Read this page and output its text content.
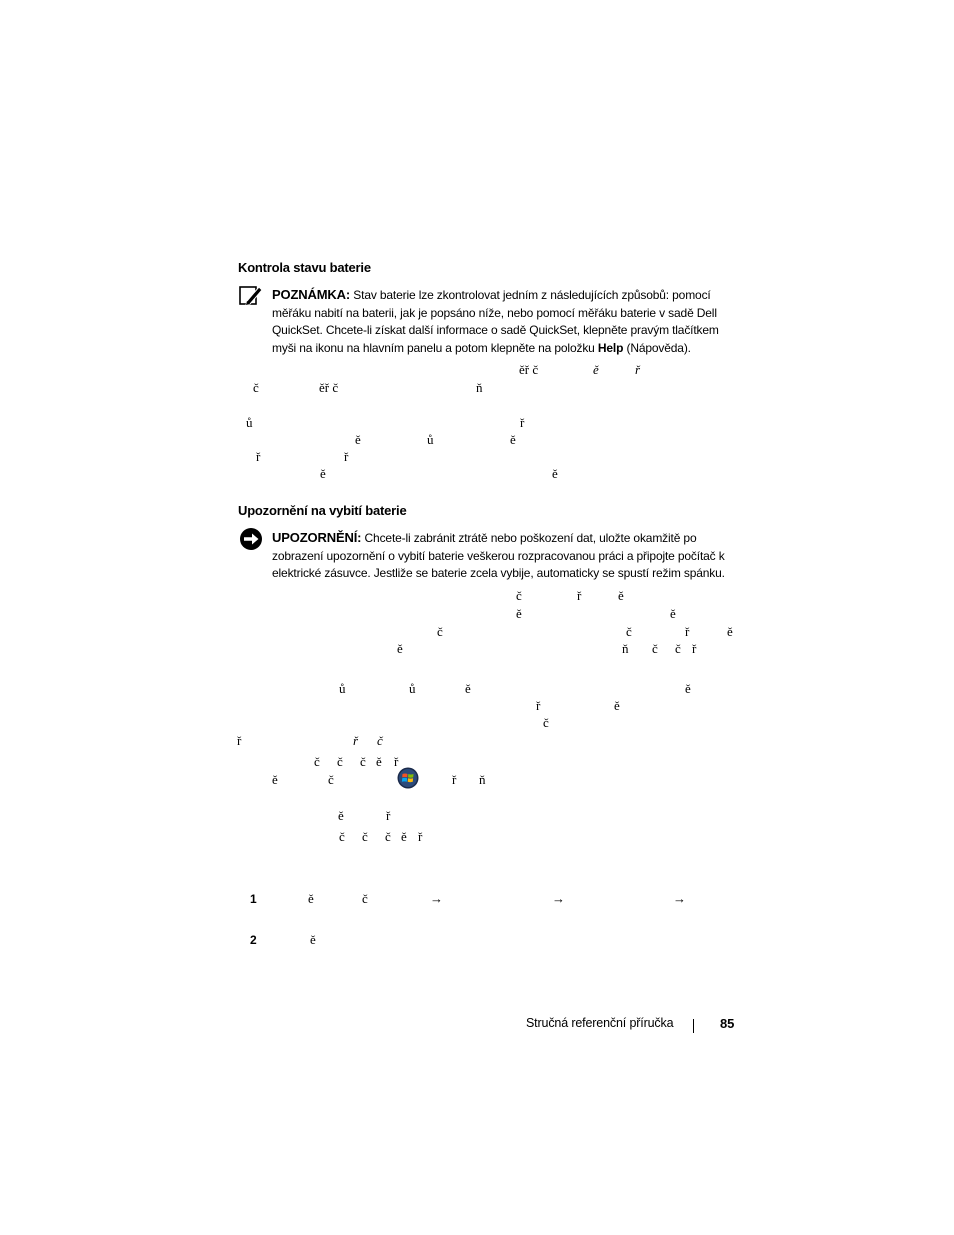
Kontrola stavu baterie
POZNÁMKA: Stav baterie lze zkontrolovat jedním z následujících způsobů: pomocí měřáku nabití na baterii, jak je popsáno níže, nebo pomocí měřáku baterie v sadě Dell QuickSet. Chcete-li získat další informace o sadě QuickSet, klepněte pravým tlačítkem myši na ikonu na hlavním panelu a potom klepněte na položku Help (Nápověda).
Upozornění na vybití baterie
UPOZORNĚNÍ: Chcete-li zabránit ztrátě nebo poškození dat, uložte okamžitě po zobrazení upozornění o vybití baterie veškerou rozpracovanou práci a připojte počítač k elektrické zásuvce. Jestliže se baterie zcela vybije, automaticky se spustí režim spánku.
ěř č	ě	ř
č	ěř č	ň
ů	ř
ě	ů	ě
ř	ř
ě	ě
č	ř	ě
ě	ě
č	č	ř	ě
ě	ň č č ř
ů	ů	ě	ě
ř	ě
č
ř	ř č
č č č ě ř
ě	č	ř ň
ě	ř
č č č ě ř
ě	č	→	→	→
ě
1
2
Stručná referenční příručka	85
